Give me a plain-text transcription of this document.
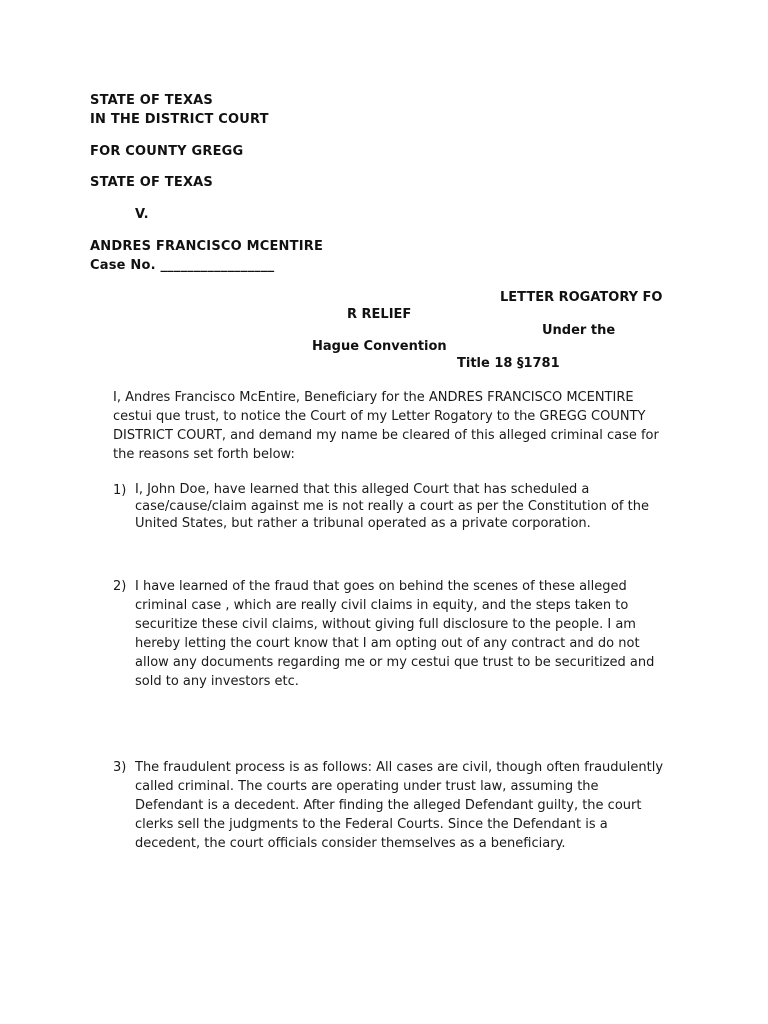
STATE OF TEXAS
IN THE DISTRICT COURT
FOR COUNTY GREGG
STATE OF TEXAS
V.
ANDRES FRANCISCO MCENTIRE
Case No. _________________
LETTER ROGATORY FO
R RELIEF
Under the
Hague Convention
Title 18 §1781
I, Andres Francisco McEntire, Beneficiary for the ANDRES FRANCISCO MCENTIRE cestui que trust, to notice the Court of my Letter Rogatory to the GREGG COUNTY DISTRICT COURT, and demand my name be cleared of this alleged criminal case for the reasons set forth below:
1) I, John Doe, have learned that this alleged Court that has scheduled a case/cause/claim against me is not really a court as per the Constitution of the United States, but rather a tribunal operated as a private corporation.
2) I have learned of the fraud that goes on behind the scenes of these alleged criminal case , which are really civil claims in equity, and the steps taken to securitize these civil claims, without giving full disclosure to the people. I am hereby letting the court know that I am opting out of any contract and do not allow any documents regarding me or my cestui que trust to be securitized and sold to any investors etc.
3) The fraudulent process is as follows: All cases are civil, though often fraudulently called criminal. The courts are operating under trust law, assuming the Defendant is a decedent. After finding the alleged Defendant guilty, the court clerks sell the judgments to the Federal Courts. Since the Defendant is a decedent, the court officials consider themselves as a beneficiary.
